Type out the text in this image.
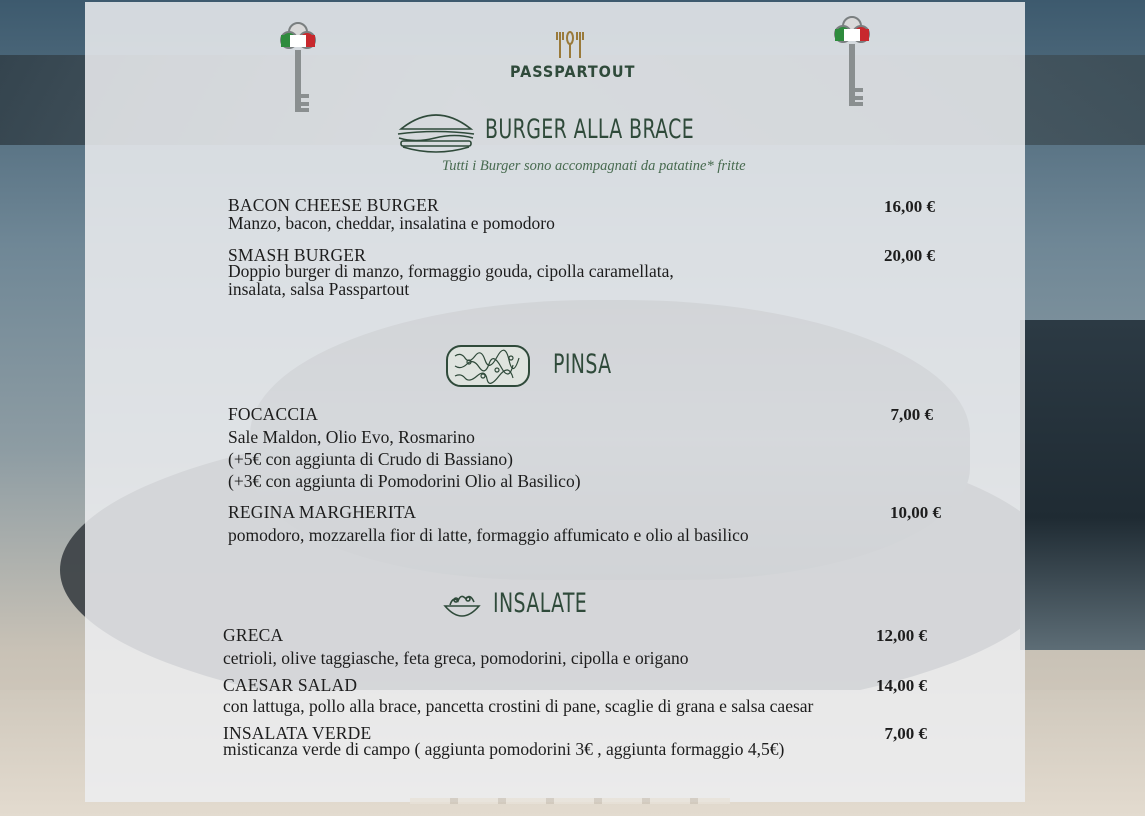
PASSPARTOUT
BURGER ALLA BRACE
Tutti i Burger sono accompagnati da patatine* fritte
BACON CHEESE BURGER	16,00 €
Manzo, bacon, cheddar, insalatina e pomodoro
SMASH BURGER	20,00 €
Doppio burger di manzo, formaggio gouda, cipolla caramellata,
insalata, salsa Passpartout
PINSA
FOCACCIA	7,00 €
Sale Maldon, Olio Evo, Rosmarino
(+5€ con aggiunta di Crudo di Bassiano)
(+3€ con aggiunta di Pomodorini Olio al Basilico)
REGINA MARGHERITA	10,00 €
pomodoro, mozzarella fior di latte, formaggio affumicato e olio al basilico
INSALATE
GRECA	12,00 €
cetrioli, olive taggiasche, feta greca, pomodorini, cipolla e origano
CAESAR SALAD	14,00 €
con lattuga, pollo alla brace, pancetta crostini di pane, scaglie di grana e salsa caesar
INSALATA VERDE	7,00 €
misticanza verde di campo ( aggiunta pomodorini 3€ , aggiunta formaggio 4,5€)
